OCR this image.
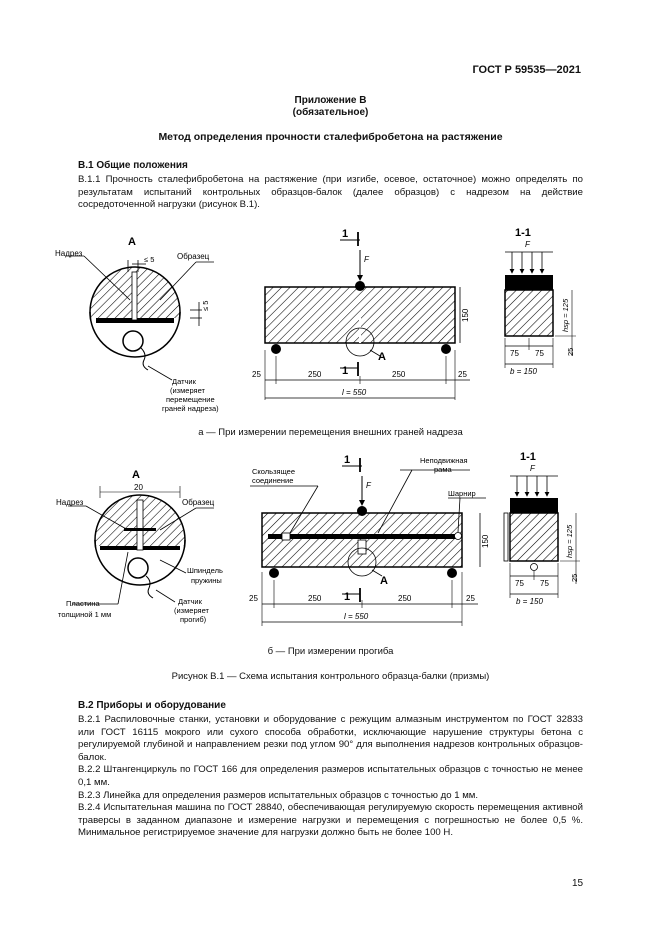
ГОСТ Р 59535—2021
Приложение В
(обязательное)
Метод определения прочности сталефибробетона на растяжение
В.1 Общие положения

В.1.1 Прочность сталефибробетона на растяжение (при изгибе, осевое, остаточное) можно определять по результатам испытаний контрольных образцов-балок (далее образцов) с надрезом на действие сосредоточенной нагрузки (рисунок В.1).

А
Надрез	Образец
≤ 5
≤ 5
Датчик
(измеряет
перемещение
граней надреза)
1
F
150
25	250	250	25
l = 550
1
А
1-1
F
hsp = 125
25
75 75
b = 150
А
20
Надрез	Образец
Шпиндель
пружины
Пластина
толщиной 1 мм
Датчик
(измеряет
прогиб)
Скользящее
соединение
Неподвижная
рама
Шарнир
1
F
150
25	250	250	25
l = 550
1
А
1-1
F
hsp = 125
25
75 75
b = 150
а — При измерении перемещения внешних граней надреза
б — При измерении прогиба
Рисунок В.1 — Схема испытания контрольного образца-балки (призмы)
В.2 Приборы и оборудование

В.2.1 Распиловочные станки, установки и оборудование с режущим алмазным инструментом по ГОСТ 32833 или ГОСТ 16115 мокрого или сухого способа обработки, исключающие нарушение структуры бетона с регулируемой глубиной и направлением резки под углом 90° для выполнения надрезов контрольных образцов-балок.

В.2.2 Штангенциркуль по ГОСТ 166 для определения размеров испытательных образцов с точностью не менее 0,1 мм.

В.2.3 Линейка для определения размеров испытательных образцов с точностью до 1 мм.

В.2.4 Испытательная машина по ГОСТ 28840, обеспечивающая регулируемую скорость перемещения активной траверсы в заданном диапазоне и измерение нагрузки и перемещения с погрешностью не более 0,5 %. Минимальное регистрируемое значение для нагрузки должно быть не более 100 Н.

15
